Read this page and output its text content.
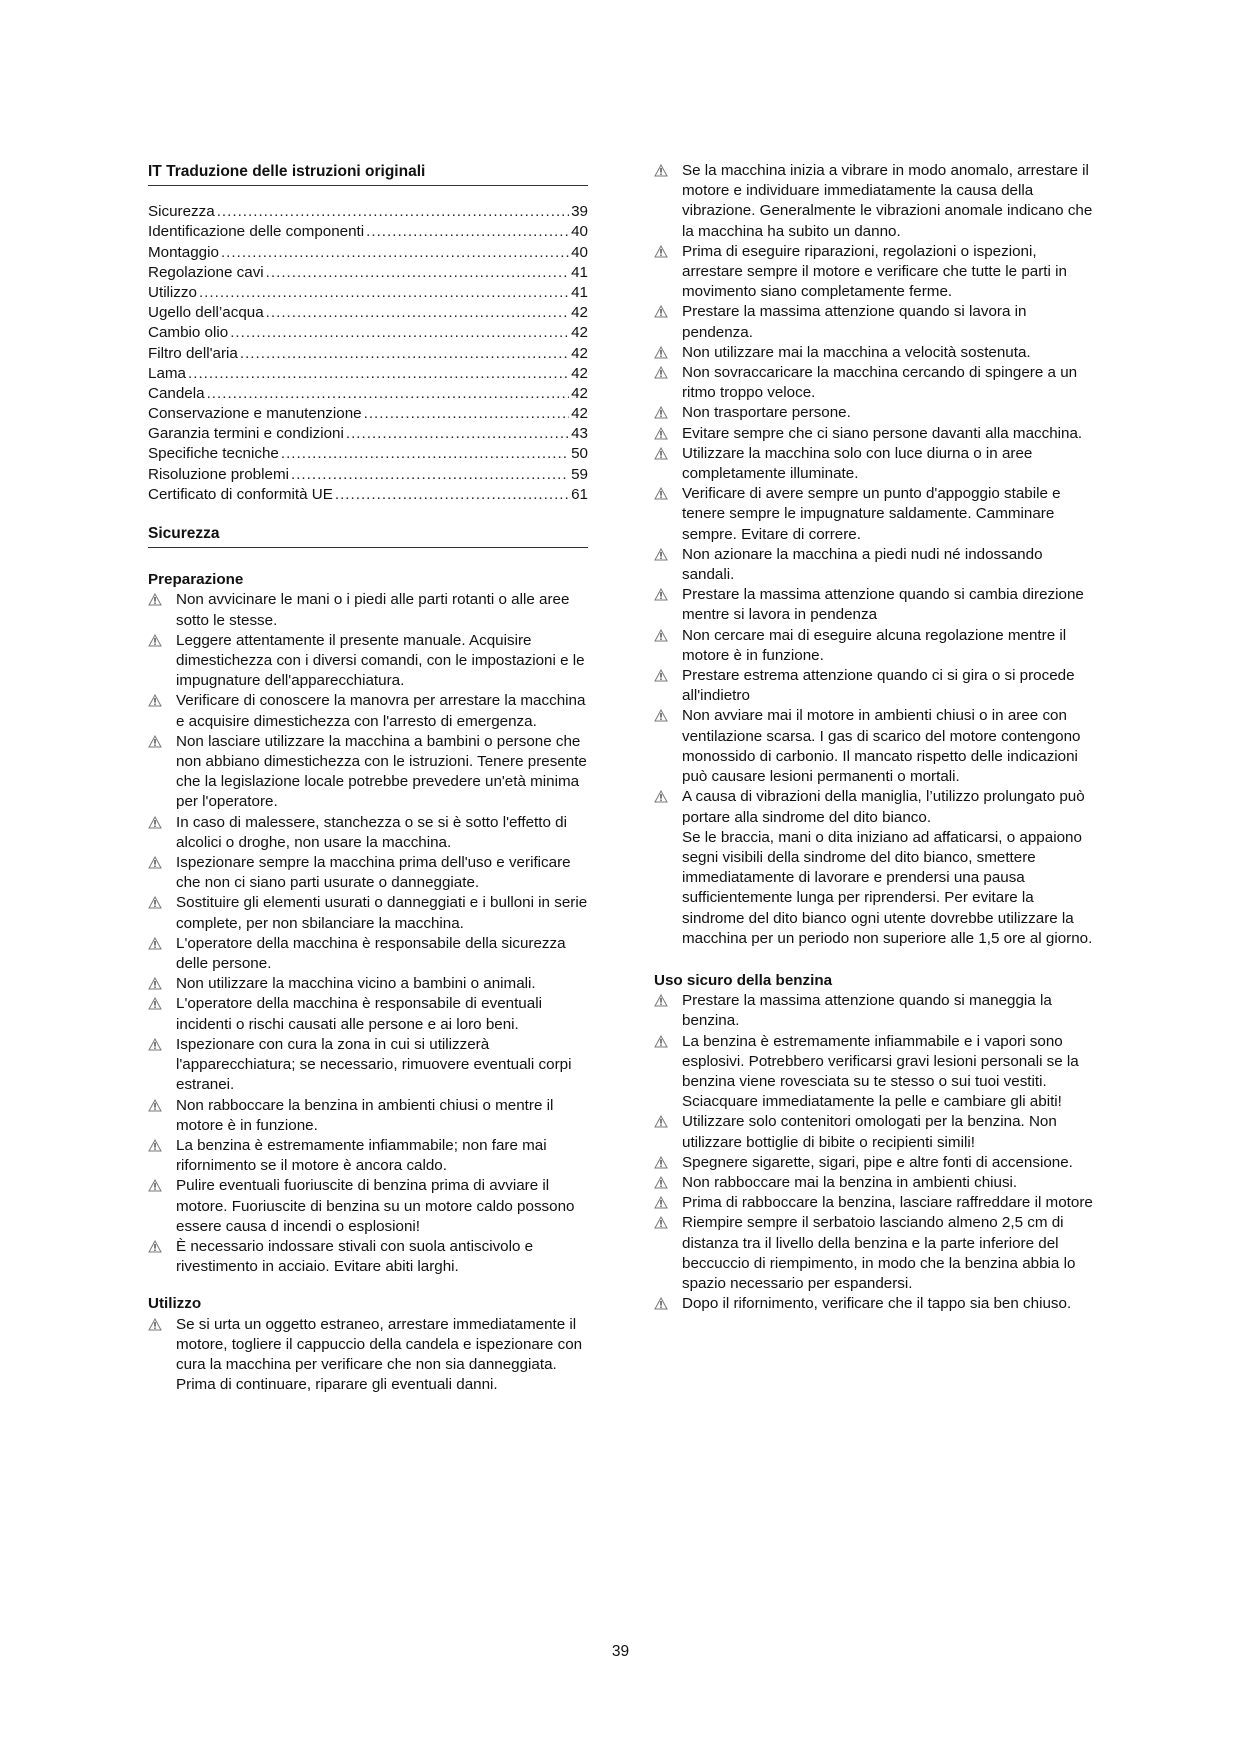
IT Traduzione delle istruzioni originali
Sicurezza .....	39
Identificazione delle componenti .....	40
Montaggio .....	40
Regolazione cavi .....	41
Utilizzo .....	41
Ugello dell’acqua .....	42
Cambio olio .....	42
Filtro dell'aria .....	42
Lama .....	42
Candela .....	42
Conservazione e manutenzione .....	42
Garanzia termini e condizioni .....	43
Specifiche tecniche .....	50
Risoluzione problemi .....	59
Certificato di conformità UE .....	61
Sicurezza
Preparazione

Non avvicinare le mani o i piedi alle parti rotanti o alle aree sotto le stesse.

Leggere attentamente il presente manuale. Acquisire dimestichezza con i diversi comandi, con le impostazioni e le impugnature dell'apparecchiatura.

Verificare di conoscere la manovra per arrestare la macchina e acquisire dimestichezza con l'arresto di emergenza.

Non lasciare utilizzare la macchina a bambini o persone che non abbiano dimestichezza con le istruzioni. Tenere presente che la legislazione locale potrebbe prevedere un'età minima per l'operatore.

In caso di malessere, stanchezza o se si è sotto l'effetto di alcolici o droghe, non usare la macchina.

Ispezionare sempre la macchina prima dell'uso e verificare che non ci siano parti usurate o danneggiate.

Sostituire gli elementi usurati o danneggiati e i bulloni in serie complete, per non sbilanciare la macchina.

L'operatore della macchina è responsabile della sicurezza delle persone.

Non utilizzare la macchina vicino a bambini o animali.

L'operatore della macchina è responsabile di eventuali incidenti o rischi causati alle persone e ai loro beni.

Ispezionare con cura la zona in cui si utilizzerà l'apparecchiatura; se necessario, rimuovere eventuali corpi estranei.

Non rabboccare la benzina in ambienti chiusi o mentre il motore è in funzione.

La benzina è estremamente infiammabile; non fare mai rifornimento se il motore è ancora caldo.

Pulire eventuali fuoriuscite di benzina prima di avviare il motore. Fuoriuscite di benzina su un motore caldo possono essere causa d incendi o esplosioni!

È necessario indossare stivali con suola antiscivolo e rivestimento in acciaio. Evitare abiti larghi.

Utilizzo

Se si urta un oggetto estraneo, arrestare immediatamente il motore, togliere il cappuccio della candela e ispezionare con cura la macchina per verificare che non sia danneggiata. Prima di continuare, riparare gli eventuali danni.

Se la macchina inizia a vibrare in modo anomalo, arrestare il motore e individuare immediatamente la causa della vibrazione. Generalmente le vibrazioni anomale indicano che la macchina ha subito un danno.

Prima di eseguire riparazioni, regolazioni o ispezioni, arrestare sempre il motore e verificare che tutte le parti in movimento siano completamente ferme.

Prestare la massima attenzione quando si lavora in pendenza.

Non utilizzare mai la macchina a velocità sostenuta.

Non sovraccaricare la macchina cercando di spingere a un ritmo troppo veloce.

Non trasportare persone.

Evitare sempre che ci siano persone davanti alla macchina.

Utilizzare la macchina solo con luce diurna o in aree completamente illuminate.

Verificare di avere sempre un punto d'appoggio stabile e tenere sempre le impugnature saldamente. Camminare sempre. Evitare di correre.

Non azionare la macchina a piedi nudi né indossando sandali.

Prestare la massima attenzione quando si cambia direzione mentre si lavora in pendenza

Non cercare mai di eseguire alcuna regolazione mentre il motore è in funzione.

Prestare estrema attenzione quando ci si gira o si procede all'indietro

Non avviare mai il motore in ambienti chiusi o in aree con ventilazione scarsa. I gas di scarico del motore contengono monossido di carbonio. Il mancato rispetto delle indicazioni può causare lesioni permanenti o mortali.

A causa di vibrazioni della maniglia, l’utilizzo prolungato può portare alla sindrome del dito bianco.

Se le braccia, mani o dita iniziano ad affaticarsi, o appaiono segni visibili della sindrome del dito bianco, smettere immediatamente di lavorare e prendersi una pausa sufficientemente lunga per riprendersi. Per evitare la sindrome del dito bianco ogni utente dovrebbe utilizzare la macchina per un periodo non superiore alle 1,5 ore al giorno.

Uso sicuro della benzina

Prestare la massima attenzione quando si maneggia la benzina.

La benzina è estremamente infiammabile e i vapori sono esplosivi. Potrebbero verificarsi gravi lesioni personali se la benzina viene rovesciata su te stesso o sui tuoi vestiti. Sciacquare immediatamente la pelle e cambiare gli abiti!

Utilizzare solo contenitori omologati per la benzina. Non utilizzare bottiglie di bibite o recipienti simili!

Spegnere sigarette, sigari, pipe e altre fonti di accensione.

Non rabboccare mai la benzina in ambienti chiusi.

Prima di rabboccare la benzina, lasciare raffreddare il motore

Riempire sempre il serbatoio lasciando almeno 2,5 cm di distanza tra il livello della benzina e la parte inferiore del beccuccio di riempimento, in modo che la benzina abbia lo spazio necessario per espandersi.

Dopo il rifornimento, verificare che il tappo sia ben chiuso.

39
